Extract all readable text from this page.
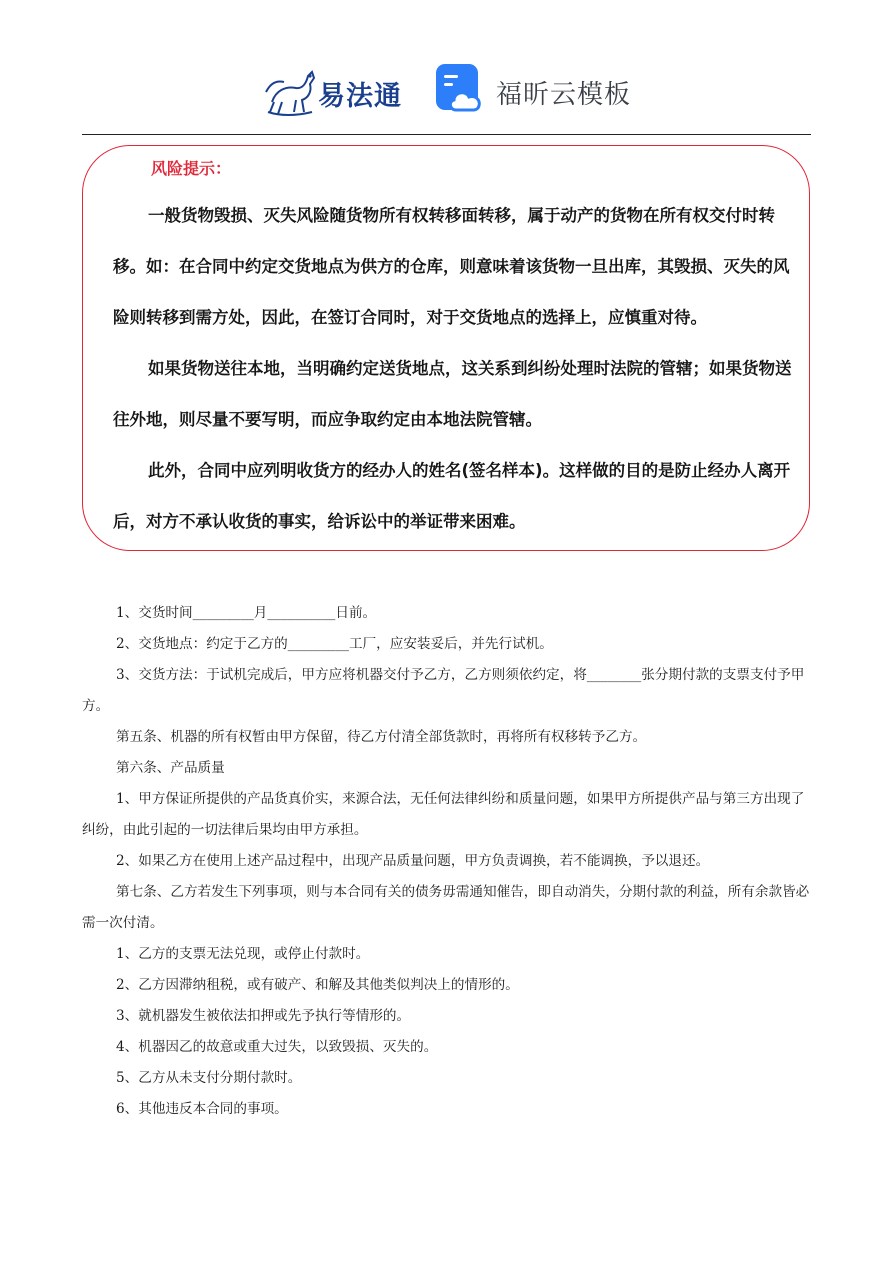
易法通	福昕云模板
风险提示：

一般货物毁损、灭失风险随货物所有权转移面转移，属于动产的货物在所有权交付时转移。如：在合同中约定交货地点为供方的仓库，则意味着该货物一旦出库，其毁损、灭失的风险则转移到需方处，因此，在签订合同时，对于交货地点的选择上，应慎重对待。

如果货物送往本地，当明确约定送货地点，这关系到纠纷处理时法院的管辖；如果货物送往外地，则尽量不要写明，而应争取约定由本地法院管辖。

此外，合同中应列明收货方的经办人的姓名(签名样本)。这样做的目的是防止经办人离开后，对方不承认收货的事实，给诉讼中的举证带来困难。

1、交货时间_________月__________日前。

2、交货地点：约定于乙方的_________工厂，应安装妥后，并先行试机。

3、交货方法：于试机完成后，甲方应将机器交付予乙方，乙方则须依约定，将________张分期付款的支票支付予甲方。

第五条、机器的所有权暂由甲方保留，待乙方付清全部货款时，再将所有权移转予乙方。

第六条、产品质量

1、甲方保证所提供的产品货真价实，来源合法，无任何法律纠纷和质量问题，如果甲方所提供产品与第三方出现了纠纷，由此引起的一切法律后果均由甲方承担。

2、如果乙方在使用上述产品过程中，出现产品质量问题，甲方负责调换，若不能调换，予以退还。

第七条、乙方若发生下列事项，则与本合同有关的债务毋需通知催告，即自动消失，分期付款的利益，所有余款皆必需一次付清。

1、乙方的支票无法兑现，或停止付款时。

2、乙方因滞纳租税，或有破产、和解及其他类似判决上的情形的。

3、就机器发生被依法扣押或先予执行等情形的。

4、机器因乙的故意或重大过失，以致毁损、灭失的。

5、乙方从未支付分期付款时。

6、其他违反本合同的事项。
